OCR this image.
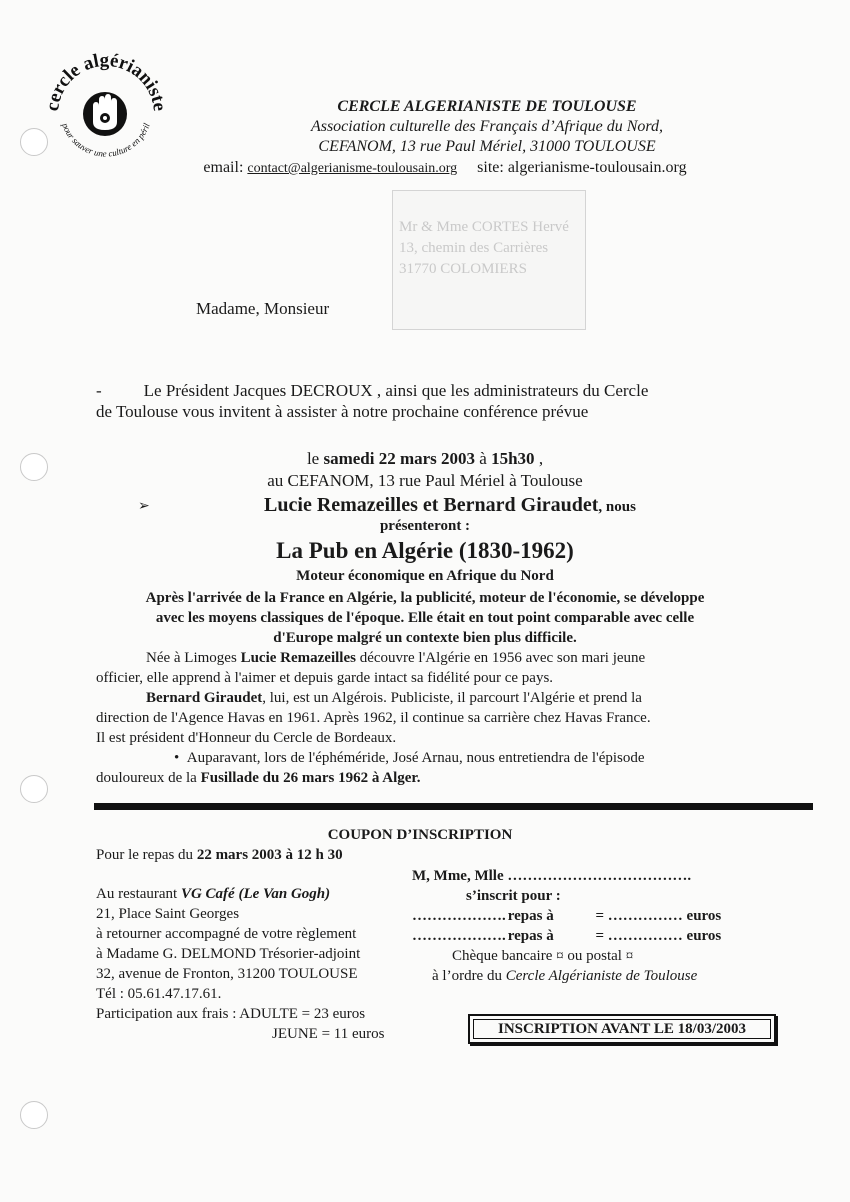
cercle algérianiste
pour sauver une culture en péril
CERCLE ALGERIANISTE DE TOULOUSE
Association culturelle des Français d’Afrique du Nord,
CEFANOM, 13 rue Paul Mériel, 31000 TOULOUSE
email: contact@algerianisme-toulousain.org site: algerianisme-toulousain.org
Mr & Mme CORTES Hervé
13, chemin des Carrières
31770 COLOMIERS
Madame, Monsieur
- Le Président Jacques DECROUX , ainsi que les administrateurs du Cercle
de Toulouse vous invitent à assister à notre prochaine conférence prévue
le samedi 22 mars 2003 à 15h30 ,
au CEFANOM, 13 rue Paul Mériel à Toulouse
➢	Lucie Remazeilles et Bernard Giraudet, nous
présenteront :
La Pub en Algérie (1830-1962)
Moteur économique en Afrique du Nord
Après l'arrivée de la France en Algérie, la publicité, moteur de l'économie, se développe
avec les moyens classiques de l'époque. Elle était en tout point comparable avec celle
d'Europe malgré un contexte bien plus difficile.
Née à Limoges Lucie Remazeilles découvre l'Algérie en 1956 avec son mari jeune
officier, elle apprend à l'aimer et depuis garde intact sa fidélité pour ce pays.
Bernard Giraudet, lui, est un Algérois. Publiciste, il parcourt l'Algérie et prend la
direction de l'Agence Havas en 1961. Après 1962, il continue sa carrière chez Havas France.
Il est président d'Honneur du Cercle de Bordeaux.
• Auparavant, lors de l'éphéméride, José Arnau, nous entretiendra de l'épisode
douloureux de la Fusillade du 26 mars 1962 à Alger.
COUPON D’INSCRIPTION
Pour le repas du 22 mars 2003 à 12 h 30
Au restaurant VG Café (Le Van Gogh)
21, Place Saint Georges
à retourner accompagné de votre règlement
à Madame G. DELMOND Trésorier-adjoint
32, avenue de Fronton, 31200 TOULOUSE
Tél : 05.61.47.17.61.
Participation aux frais : ADULTE = 23 euros
JEUNE = 11 euros
M, Mme, Mlle ……………………………….
s’inscrit pour :
………………. repas à	= …………… euros
………………. repas à	= …………… euros
Chèque bancaire ¤ ou postal ¤
à l’ordre du Cercle Algérianiste de Toulouse
INSCRIPTION AVANT LE 18/03/2003
